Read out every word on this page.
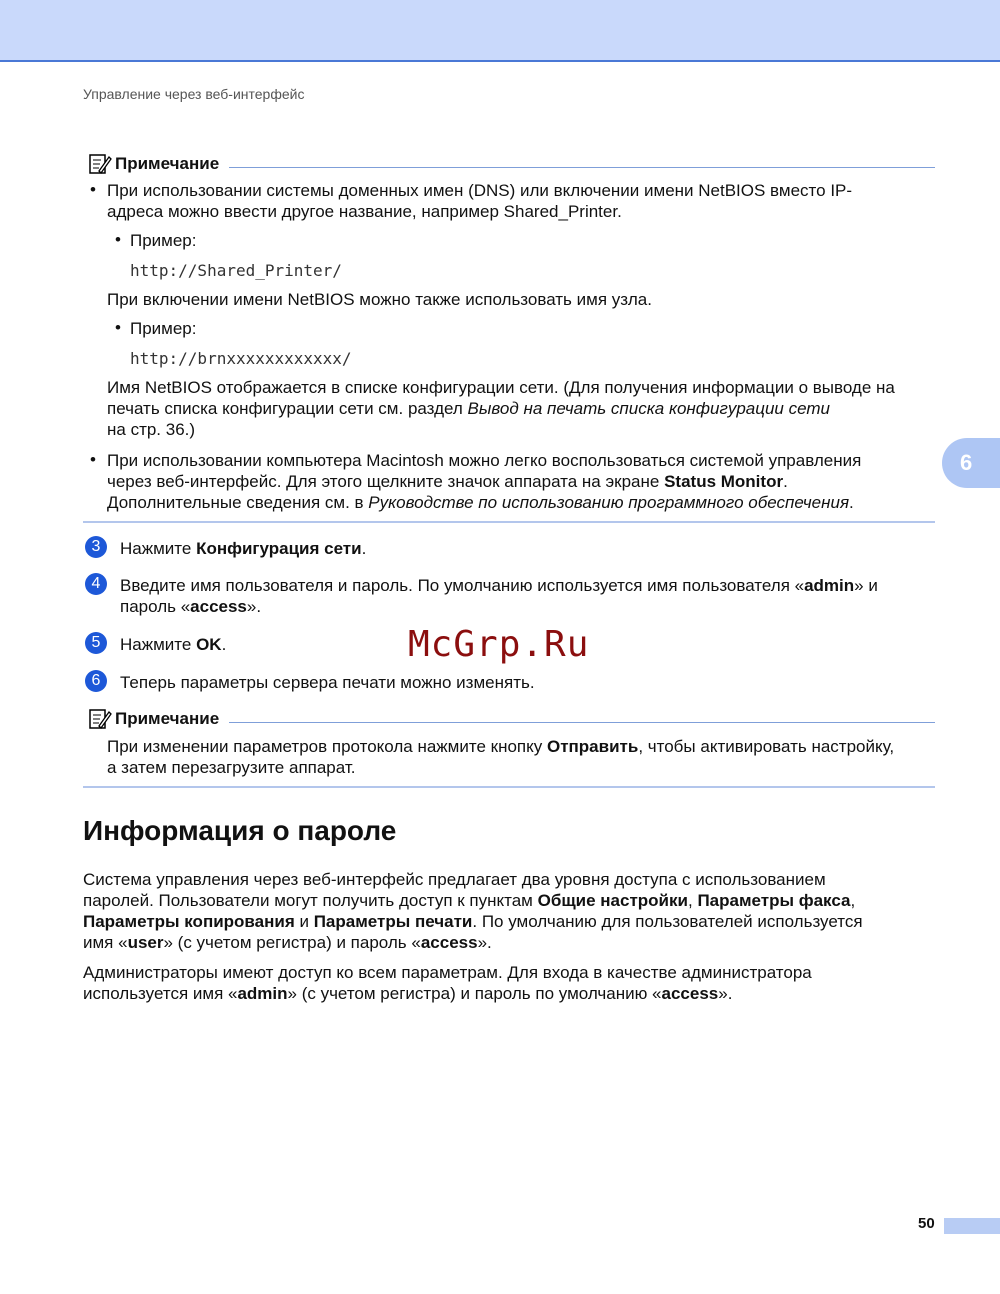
Управление через веб-интерфейс
6
Примечание
• При использовании системы доменных имен (DNS) или включении имени NetBIOS вместо IP-
адреса можно ввести другое название, например Shared_Printer.
• Пример:
http://Shared_Printer/
При включении имени NetBIOS можно также использовать имя узла.
• Пример:
http://brnxxxxxxxxxxxx/
Имя NetBIOS отображается в списке конфигурации сети. (Для получения информации о выводе на
печать списка конфигурации сети см. раздел Вывод на печать списка конфигурации сети
на стр. 36.)
• При использовании компьютера Macintosh можно легко воспользоваться системой управления
через веб-интерфейс. Для этого щелкните значок аппарата на экране Status Monitor.
Дополнительные сведения см. в Руководстве по использованию программного обеспечения.
3	Нажмите Конфигурация сети.
4	Введите имя пользователя и пароль. По умолчанию используется имя пользователя «admin» и
пароль «access».
5	Нажмите OK.	McGrp.Ru
6	Теперь параметры сервера печати можно изменять.
Примечание
При изменении параметров протокола нажмите кнопку Отправить, чтобы активировать настройку,
а затем перезагрузите аппарат.
Информация о пароле
Система управления через веб-интерфейс предлагает два уровня доступа с использованием
паролей. Пользователи могут получить доступ к пунктам Общие настройки, Параметры факса,
Параметры копирования и Параметры печати. По умолчанию для пользователей используется
имя «user» (с учетом регистра) и пароль «access».
Администраторы имеют доступ ко всем параметрам. Для входа в качестве администратора
используется имя «admin» (с учетом регистра) и пароль по умолчанию «access».
50
